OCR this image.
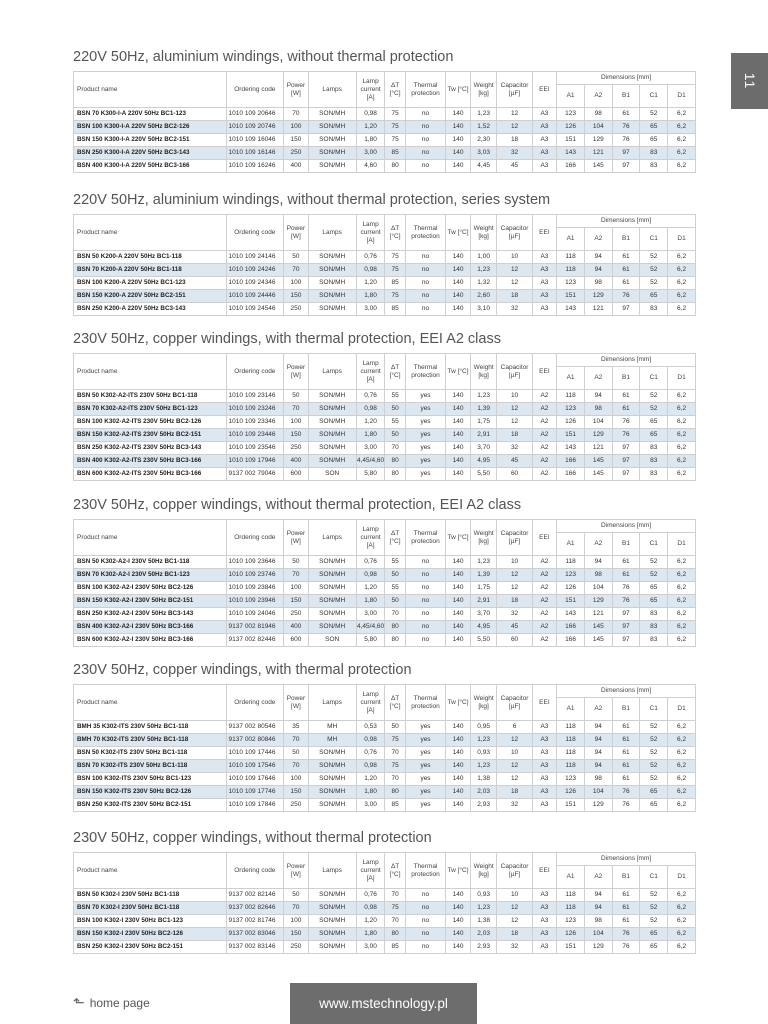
11
220V 50Hz, aluminium windings, without thermal protection
Product name	Ordering code	Power [W]	Lamps	Lamp current [A]	ΔT [°C]	Thermal protection	Tw [°C]	Weight [kg]	Capacitor [µF]	EEI	Dimensions [mm]				
											A1	A2	B1	C1	D1
BSN 70 K300-I-A 220V 50Hz BC1-123	1010 109 20646	70	SON/MH	0,98	75	no	140	1,23	12	A3	123	98	61	52	6,2
BSN 100 K300-I-A 220V 50Hz BC2-126	1010 109 20746	100	SON/MH	1,20	75	no	140	1,52	12	A3	126	104	76	65	6,2
BSN 150 K300-I-A 220V 50Hz BC2-151	1010 109 16046	150	SON/MH	1,80	75	no	140	2,30	18	A3	151	129	76	65	6,2
BSN 250 K300-I-A 220V 50Hz BC3-143	1010 109 16146	250	SON/MH	3,00	85	no	140	3,03	32	A3	143	121	97	83	6,2
BSN 400 K300-I-A 220V 50Hz BC3-166	1010 109 16246	400	SON/MH	4,60	80	no	140	4,45	45	A3	166	145	97	83	6,2
220V 50Hz, aluminium windings, without thermal protection, series system
Product name	Ordering code	Power [W]	Lamps	Lamp current [A]	ΔT [°C]	Thermal protection	Tw [°C]	Weight [kg]	Capacitor [µF]	EEI	Dimensions [mm]				
											A1	A2	B1	C1	D1
BSN 50 K200-A 220V 50Hz BC1-118	1010 109 24146	50	SON/MH	0,76	75	no	140	1,00	10	A3	118	94	61	52	6,2
BSN 70 K200-A 220V 50Hz BC1-118	1010 109 24246	70	SON/MH	0,98	75	no	140	1,23	12	A3	118	94	61	52	6,2
BSN 100 K200-A 220V 50Hz BC1-123	1010 109 24346	100	SON/MH	1,20	85	no	140	1,32	12	A3	123	98	61	52	6,2
BSN 150 K200-A 220V 50Hz BC2-151	1010 109 24446	150	SON/MH	1,80	75	no	140	2,60	18	A3	151	129	76	65	6,2
BSN 250 K200-A 220V 50Hz BC3-143	1010 109 24546	250	SON/MH	3,00	85	no	140	3,10	32	A3	143	121	97	83	6,2
230V 50Hz, copper windings, with thermal protection, EEI A2 class
Product name	Ordering code	Power [W]	Lamps	Lamp current [A]	ΔT [°C]	Thermal protection	Tw [°C]	Weight [kg]	Capacitor [µF]	EEI	Dimensions [mm]				
											A1	A2	B1	C1	D1
BSN 50 K302-A2-ITS 230V 50Hz BC1-118	1010 109 23146	50	SON/MH	0,76	55	yes	140	1,23	10	A2	118	94	61	52	6,2
BSN 70 K302-A2-ITS 230V 50Hz BC1-123	1010 109 23246	70	SON/MH	0,98	50	yes	140	1,39	12	A2	123	98	61	52	6,2
BSN 100 K302-A2-ITS 230V 50Hz BC2-126	1010 109 23346	100	SON/MH	1,20	55	yes	140	1,75	12	A2	126	104	76	65	6,2
BSN 150 K302-A2-ITS 230V 50Hz BC2-151	1010 109 23446	150	SON/MH	1,80	50	yes	140	2,91	18	A2	151	129	76	65	6,2
BSN 250 K302-A2-ITS 230V 50Hz BC3-143	1010 109 23546	250	SON/MH	3,00	70	yes	140	3,70	32	A2	143	121	97	83	6,2
BSN 400 K302-A2-ITS 230V 50Hz BC3-166	1010 109 17946	400	SON/MH	4,45/4,60	80	yes	140	4,95	45	A2	166	145	97	83	6,2
BSN 600 K302-A2-ITS 230V 50Hz BC3-166	9137 002 79046	600	SON	5,80	80	yes	140	5,50	60	A2	166	145	97	83	6,2
230V 50Hz, copper windings, without thermal protection, EEI A2 class
Product name	Ordering code	Power [W]	Lamps	Lamp current [A]	ΔT [°C]	Thermal protection	Tw [°C]	Weight [kg]	Capacitor [µF]	EEI	Dimensions [mm]				
											A1	A2	B1	C1	D1
BSN 50 K302-A2-I 230V 50Hz BC1-118	1010 109 23646	50	SON/MH	0,76	55	no	140	1,23	10	A2	118	94	61	52	6,2
BSN 70 K302-A2-I 230V 50Hz BC1-123	1010 109 23746	70	SON/MH	0,98	50	no	140	1,39	12	A2	123	98	61	52	6,2
BSN 100 K302-A2-I 230V 50Hz BC2-126	1010 109 23846	100	SON/MH	1,20	55	no	140	1,75	12	A2	126	104	76	65	6,2
BSN 150 K302-A2-I 230V 50Hz BC2-151	1010 109 23946	150	SON/MH	1,80	50	no	140	2,91	18	A2	151	129	76	65	6,2
BSN 250 K302-A2-I 230V 50Hz BC3-143	1010 109 24046	250	SON/MH	3,00	70	no	140	3,70	32	A2	143	121	97	83	6,2
BSN 400 K302-A2-I 230V 50Hz BC3-166	9137 002 81946	400	SON/MH	4,45/4,60	80	no	140	4,95	45	A2	166	145	97	83	6,2
BSN 600 K302-A2-I 230V 50Hz BC3-166	9137 002 82446	600	SON	5,80	80	no	140	5,50	60	A2	166	145	97	83	6,2
230V 50Hz, copper windings, with thermal protection
Product name	Ordering code	Power [W]	Lamps	Lamp current [A]	ΔT [°C]	Thermal protection	Tw [°C]	Weight [kg]	Capacitor [µF]	EEI	Dimensions [mm]				
											A1	A2	B1	C1	D1
BMH 35 K302-ITS 230V 50Hz BC1-118	9137 002 80546	35	MH	0,53	50	yes	140	0,95	6	A3	118	94	61	52	6,2
BMH 70 K302-ITS 230V 50Hz BC1-118	9137 002 80846	70	MH	0,98	75	yes	140	1,23	12	A3	118	94	61	52	6,2
BSN 50 K302-ITS 230V 50Hz BC1-118	1010 109 17446	50	SON/MH	0,76	70	yes	140	0,93	10	A3	118	94	61	52	6,2
BSN 70 K302-ITS 230V 50Hz BC1-118	1010 109 17546	70	SON/MH	0,98	75	yes	140	1,23	12	A3	118	94	61	52	6,2
BSN 100 K302-ITS 230V 50Hz BC1-123	1010 109 17646	100	SON/MH	1,20	70	yes	140	1,38	12	A3	123	98	61	52	6,2
BSN 150 K302-ITS 230V 50Hz BC2-126	1010 109 17746	150	SON/MH	1,80	80	yes	140	2,03	18	A3	126	104	76	65	6,2
BSN 250 K302-ITS 230V 50Hz BC2-151	1010 109 17846	250	SON/MH	3,00	85	yes	140	2,93	32	A3	151	129	76	65	6,2
230V 50Hz, copper windings, without thermal protection
Product name	Ordering code	Power [W]	Lamps	Lamp current [A]	ΔT [°C]	Thermal protection	Tw [°C]	Weight [kg]	Capacitor [µF]	EEI	Dimensions [mm]				
											A1	A2	B1	C1	D1
BSN 50 K302-I 230V 50Hz BC1-118	9137 002 82146	50	SON/MH	0,76	70	no	140	0,93	10	A3	118	94	61	52	6,2
BSN 70 K302-I 230V 50Hz BC1-118	9137 002 82646	70	SON/MH	0,98	75	no	140	1,23	12	A3	118	94	61	52	6,2
BSN 100 K302-I 230V 50Hz BC1-123	9137 002 81746	100	SON/MH	1,20	70	no	140	1,38	12	A3	123	98	61	52	6,2
BSN 150 K302-I 230V 50Hz BC2-126	9137 002 83046	150	SON/MH	1,80	80	no	140	2,03	18	A3	126	104	76	65	6,2
BSN 250 K302-I 230V 50Hz BC2-151	9137 002 83146	250	SON/MH	3,00	85	no	140	2,93	32	A3	151	129	76	65	6,2
⬑ home page	www.mstechnology.pl
